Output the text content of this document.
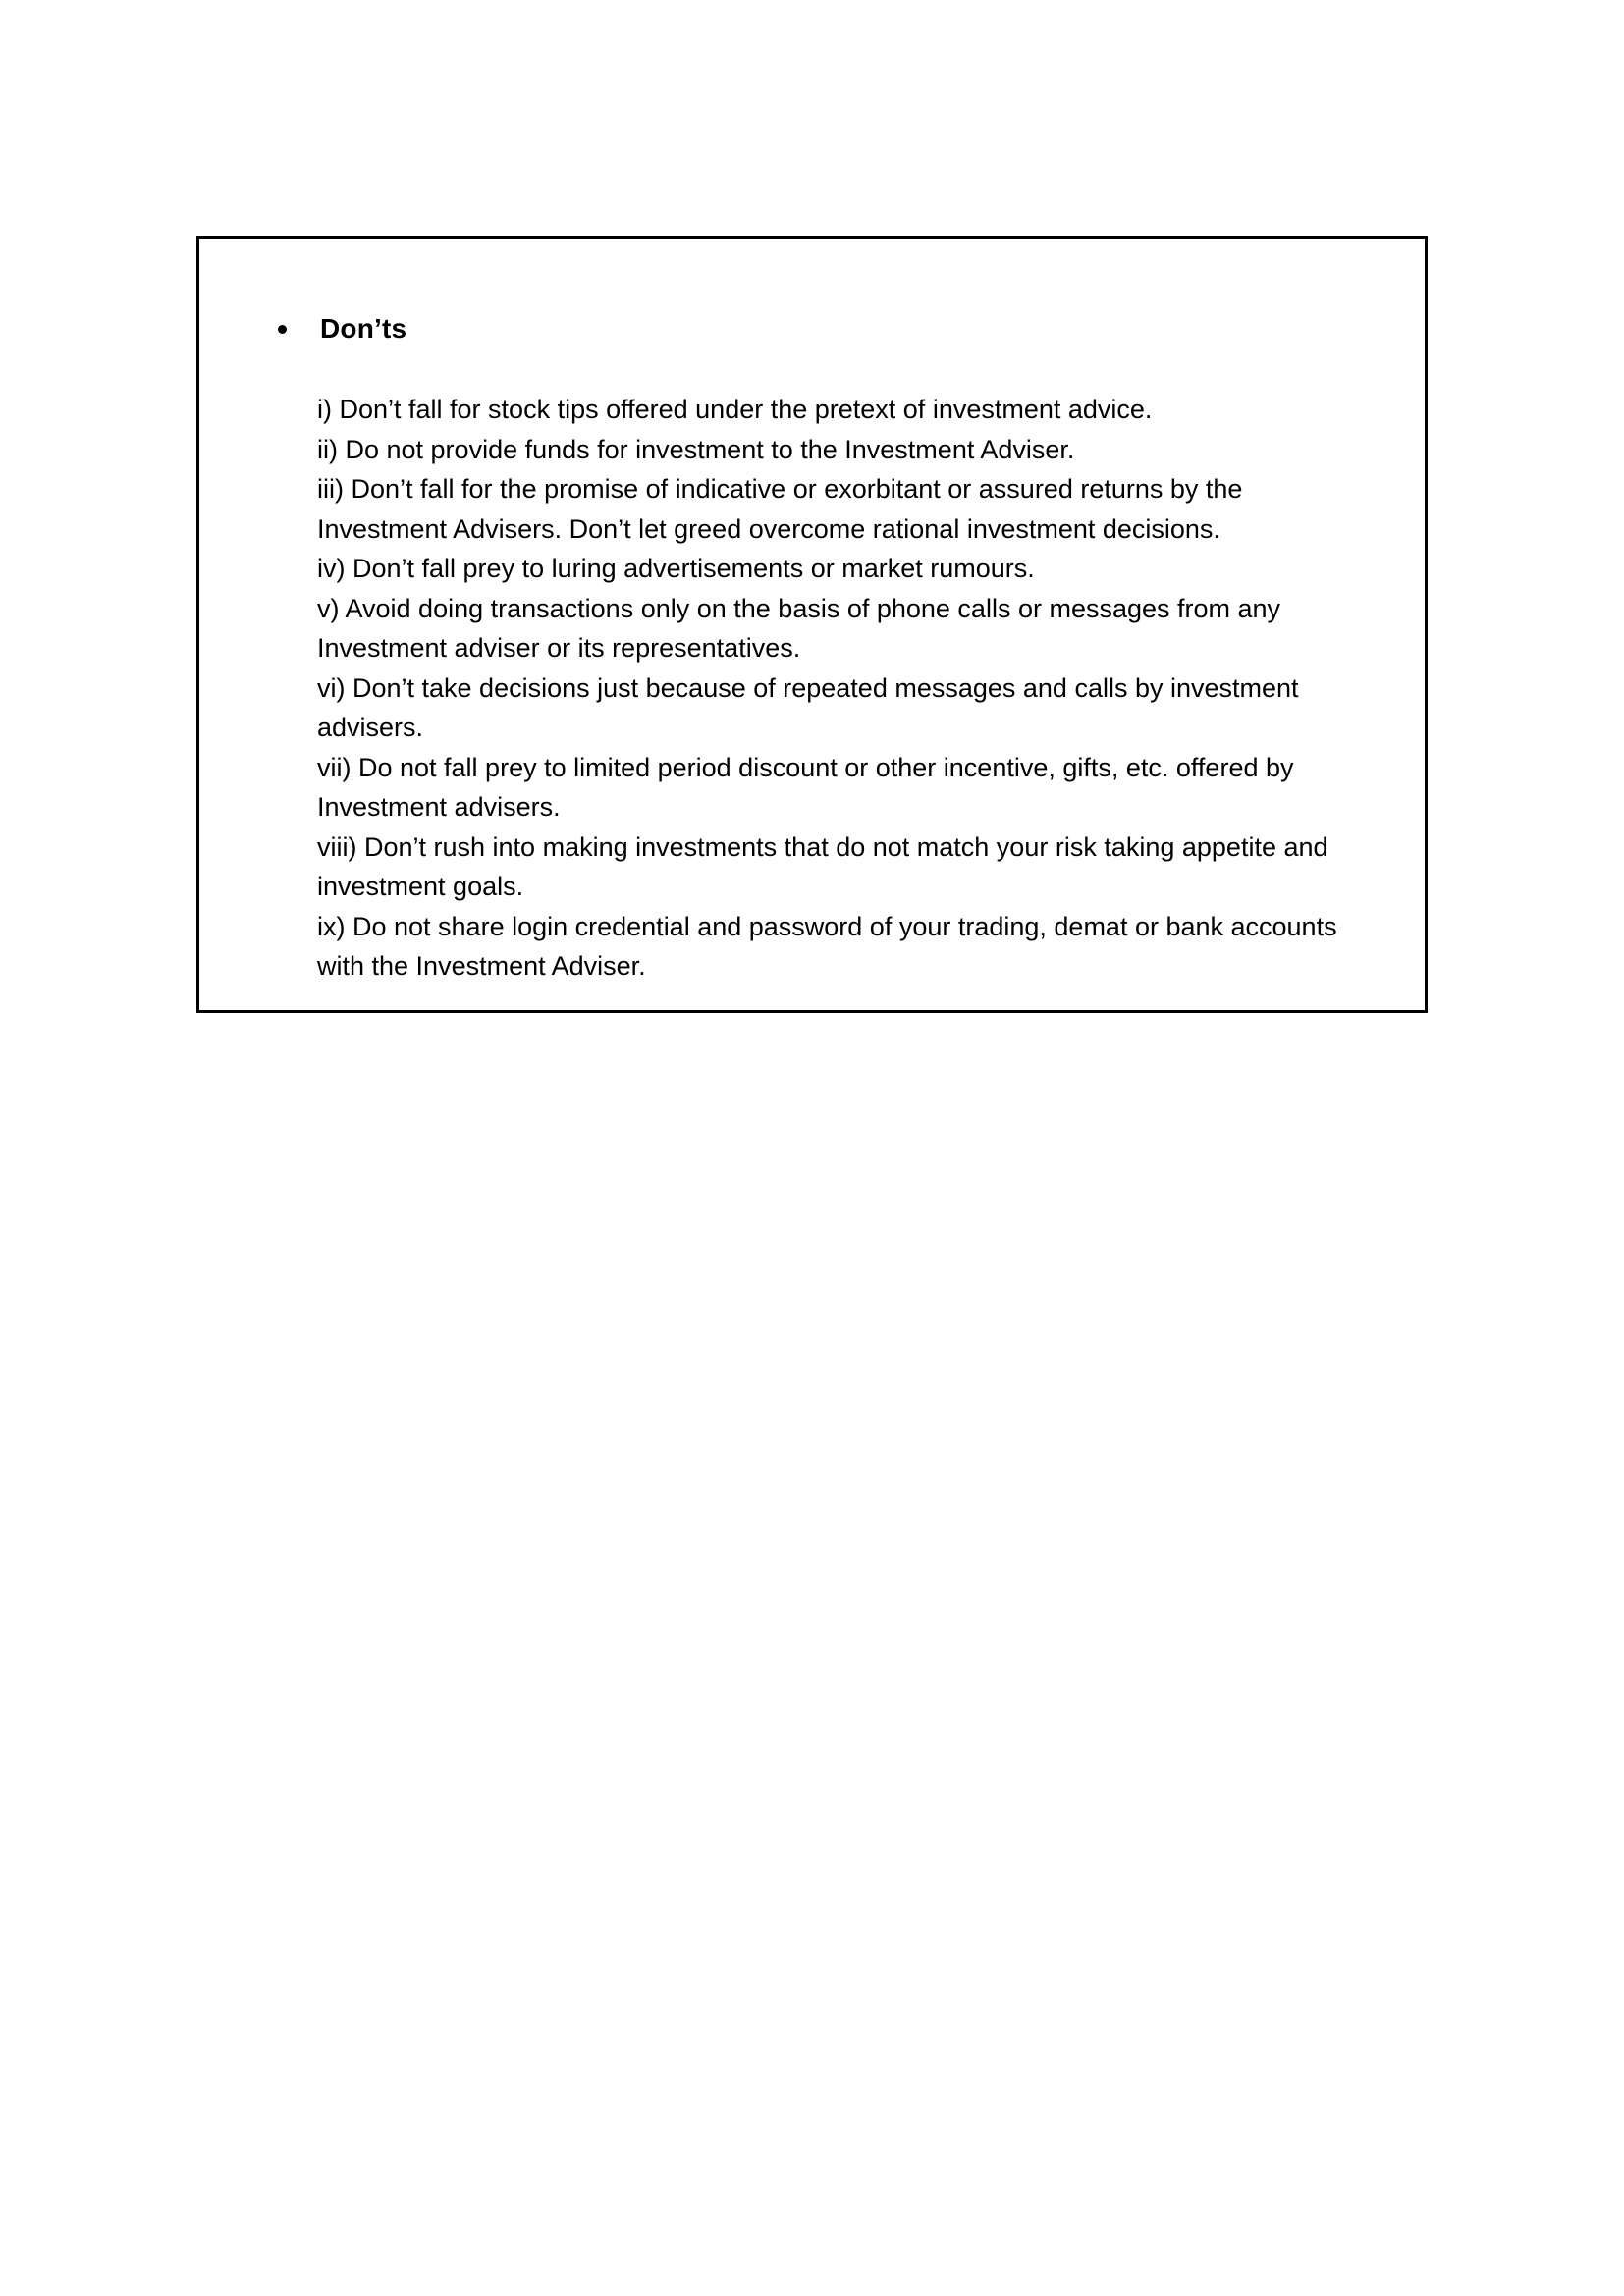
Don’ts
i) Don’t fall for stock tips offered under the pretext of investment advice.
ii) Do not provide funds for investment to the Investment Adviser.
iii) Don’t fall for the promise of indicative or exorbitant or assured returns by the
Investment Advisers. Don’t let greed overcome rational investment decisions.
iv) Don’t fall prey to luring advertisements or market rumours.
v) Avoid doing transactions only on the basis of phone calls or messages from any
Investment adviser or its representatives.
vi) Don’t take decisions just because of repeated messages and calls by investment
advisers.
vii) Do not fall prey to limited period discount or other incentive, gifts, etc. offered by
Investment advisers.
viii) Don’t rush into making investments that do not match your risk taking appetite and
investment goals.
ix) Do not share login credential and password of your trading, demat or bank accounts
with the Investment Adviser.
